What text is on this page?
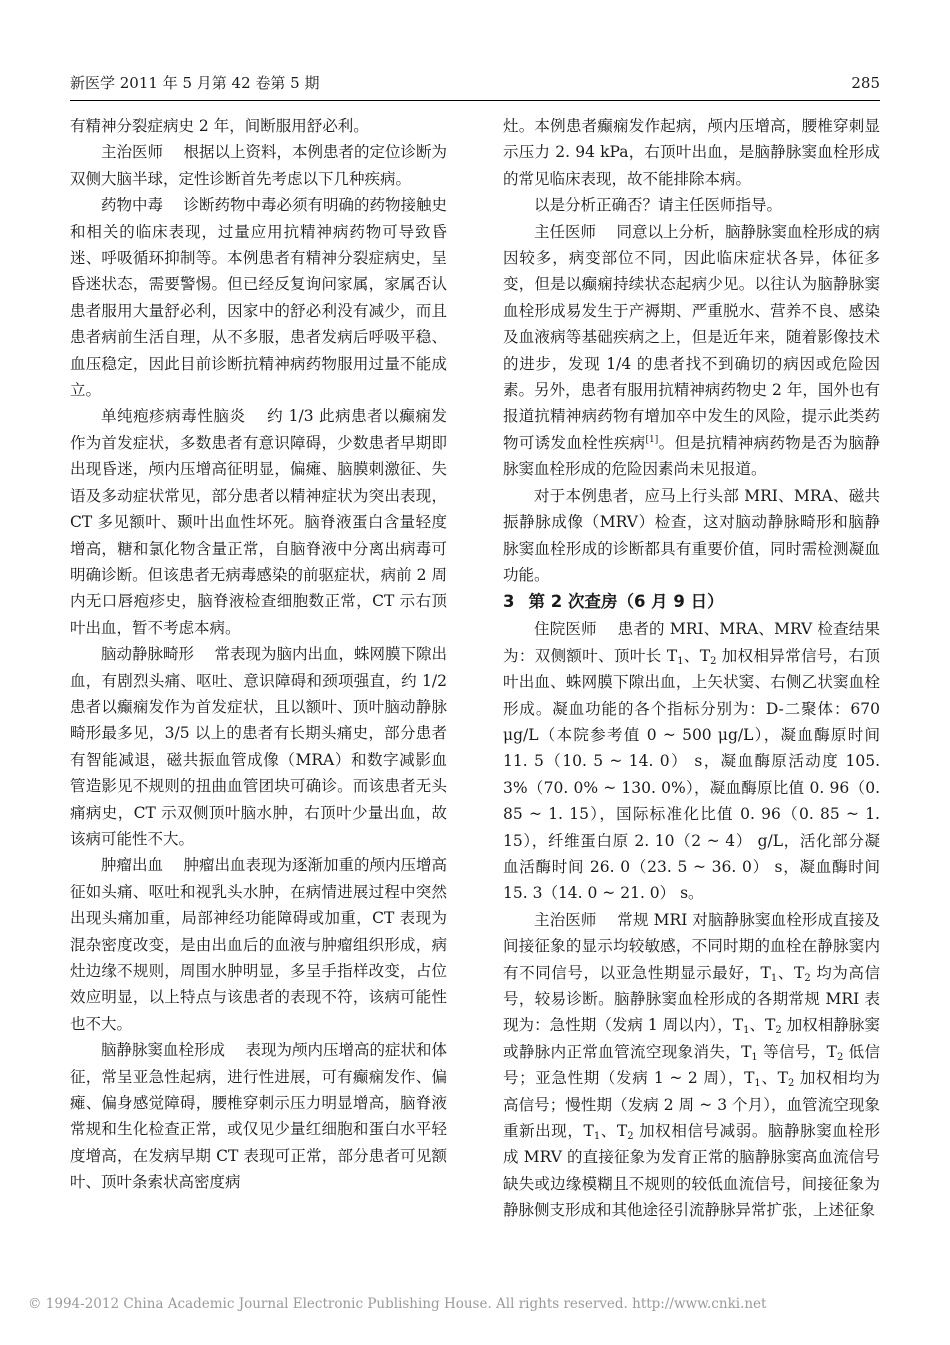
新医学 2011 年 5 月第 42 卷第 5 期	285

有精神分裂症病史 2 年，间断服用舒必利。

主治医师　 根据以上资料，本例患者的定位诊断为双侧大脑半球，定性诊断首先考虑以下几种疾病。

药物中毒　 诊断药物中毒必须有明确的药物接触史和相关的临床表现，过量应用抗精神病药物可导致昏迷、呼吸循环抑制等。本例患者有精神分裂症病史，呈昏迷状态，需要警惕。但已经反复询问家属，家属否认患者服用大量舒必利，因家中的舒必利没有减少，而且患者病前生活自理，从不多服，患者发病后呼吸平稳、血压稳定，因此目前诊断抗精神病药物服用过量不能成立。

单纯疱疹病毒性脑炎　 约 1/3 此病患者以癫痫发作为首发症状，多数患者有意识障碍，少数患者早期即出现昏迷，颅内压增高征明显，偏瘫、脑膜刺激征、失语及多动症状常见，部分患者以精神症状为突出表现，CT 多见额叶、颞叶出血性坏死。脑脊液蛋白含量轻度增高，糖和氯化物含量正常，自脑脊液中分离出病毒可明确诊断。但该患者无病毒感染的前驱症状，病前 2 周内无口唇疱疹史，脑脊液检查细胞数正常，CT 示右顶叶出血，暂不考虑本病。

脑动静脉畸形　 常表现为脑内出血，蛛网膜下隙出血，有剧烈头痛、呕吐、意识障碍和颈项强直，约 1/2 患者以癫痫发作为首发症状，且以额叶、顶叶脑动静脉畸形最多见，3/5 以上的患者有长期头痛史，部分患者有智能减退，磁共振血管成像（MRA）和数字减影血管造影见不规则的扭曲血管团块可确诊。而该患者无头痛病史，CT 示双侧顶叶脑水肿，右顶叶少量出血，故该病可能性不大。

肿瘤出血　 肿瘤出血表现为逐渐加重的颅内压增高征如头痛、呕吐和视乳头水肿，在病情进展过程中突然出现头痛加重，局部神经功能障碍或加重，CT 表现为混杂密度改变，是由出血后的血液与肿瘤组织形成，病灶边缘不规则，周围水肿明显，多呈手指样改变，占位效应明显，以上特点与该患者的表现不符，该病可能性也不大。

脑静脉窦血栓形成　 表现为颅内压增高的症状和体征，常呈亚急性起病，进行性进展，可有癫痫发作、偏瘫、偏身感觉障碍，腰椎穿刺示压力明显增高，脑脊液常规和生化检查正常，或仅见少量红细胞和蛋白水平轻度增高，在发病早期 CT 表现可正常，部分患者可见额叶、顶叶条索状高密度病

灶。本例患者癫痫发作起病，颅内压增高，腰椎穿刺显示压力 2. 94 kPa，右顶叶出血，是脑静脉窦血栓形成的常见临床表现，故不能排除本病。

以是分析正确否？请主任医师指导。

主任医师　 同意以上分析，脑静脉窦血栓形成的病因较多，病变部位不同，因此临床症状各异，体征多变，但是以癫痫持续状态起病少见。以往认为脑静脉窦血栓形成易发生于产褥期、严重脱水、营养不良、感染及血液病等基础疾病之上，但是近年来，随着影像技术的进步，发现 1/4 的患者找不到确切的病因或危险因素。另外，患者有服用抗精神病药物史 2 年，国外也有报道抗精神病药物有增加卒中发生的风险，提示此类药物可诱发血栓性疾病[1]。但是抗精神病药物是否为脑静脉窦血栓形成的危险因素尚未见报道。

对于本例患者，应马上行头部 MRI、MRA、磁共振静脉成像（MRV）检查，这对脑动静脉畸形和脑静脉窦血栓形成的诊断都具有重要价值，同时需检测凝血功能。

3 第 2 次查房（6 月 9 日）

住院医师　 患者的 MRI、MRA、MRV 检查结果为：双侧额叶、顶叶长 $T_1$、$T_2$ 加权相异常信号，右顶叶出血、蛛网膜下隙出血，上矢状窦、右侧乙状窦血栓形成。凝血功能的各个指标分别为：D-二聚体：670 μg/L（本院参考值 0 ~ 500 μg/L），凝血酶原时间 11. 5（10. 5 ~ 14. 0） s，凝血酶原活动度 105. 3%（70. 0% ~ 130. 0%），凝血酶原比值 0. 96（0. 85 ~ 1. 15），国际标准化比值 0. 96（0. 85 ~ 1. 15），纤维蛋白原 2. 10（2 ~ 4） g/L，活化部分凝血活酶时间 26. 0（23. 5 ~ 36. 0） s，凝血酶时间 15. 3（14. 0 ~ 21. 0） s。

主治医师　 常规 MRI 对脑静脉窦血栓形成直接及间接征象的显示均较敏感，不同时期的血栓在静脉窦内有不同信号，以亚急性期显示最好，$T_1$、$T_2$ 均为高信号，较易诊断。脑静脉窦血栓形成的各期常规 MRI 表现为：急性期（发病 1 周以内），$T_1$、$T_2$ 加权相静脉窦或静脉内正常血管流空现象消失，$T_1$ 等信号，$T_2$ 低信号；亚急性期（发病 1 ~ 2 周），$T_1$、$T_2$ 加权相均为高信号；慢性期（发病 2 周 ~ 3 个月），血管流空现象重新出现，$T_1$、$T_2$ 加权相信号减弱。脑静脉窦血栓形成 MRV 的直接征象为发育正常的脑静脉窦高血流信号缺失或边缘模糊且不规则的较低血流信号，间接征象为静脉侧支形成和其他途径引流静脉异常扩张，上述征象

© 1994-2012 China Academic Journal Electronic Publishing House. All rights reserved. http://www.cnki.net
